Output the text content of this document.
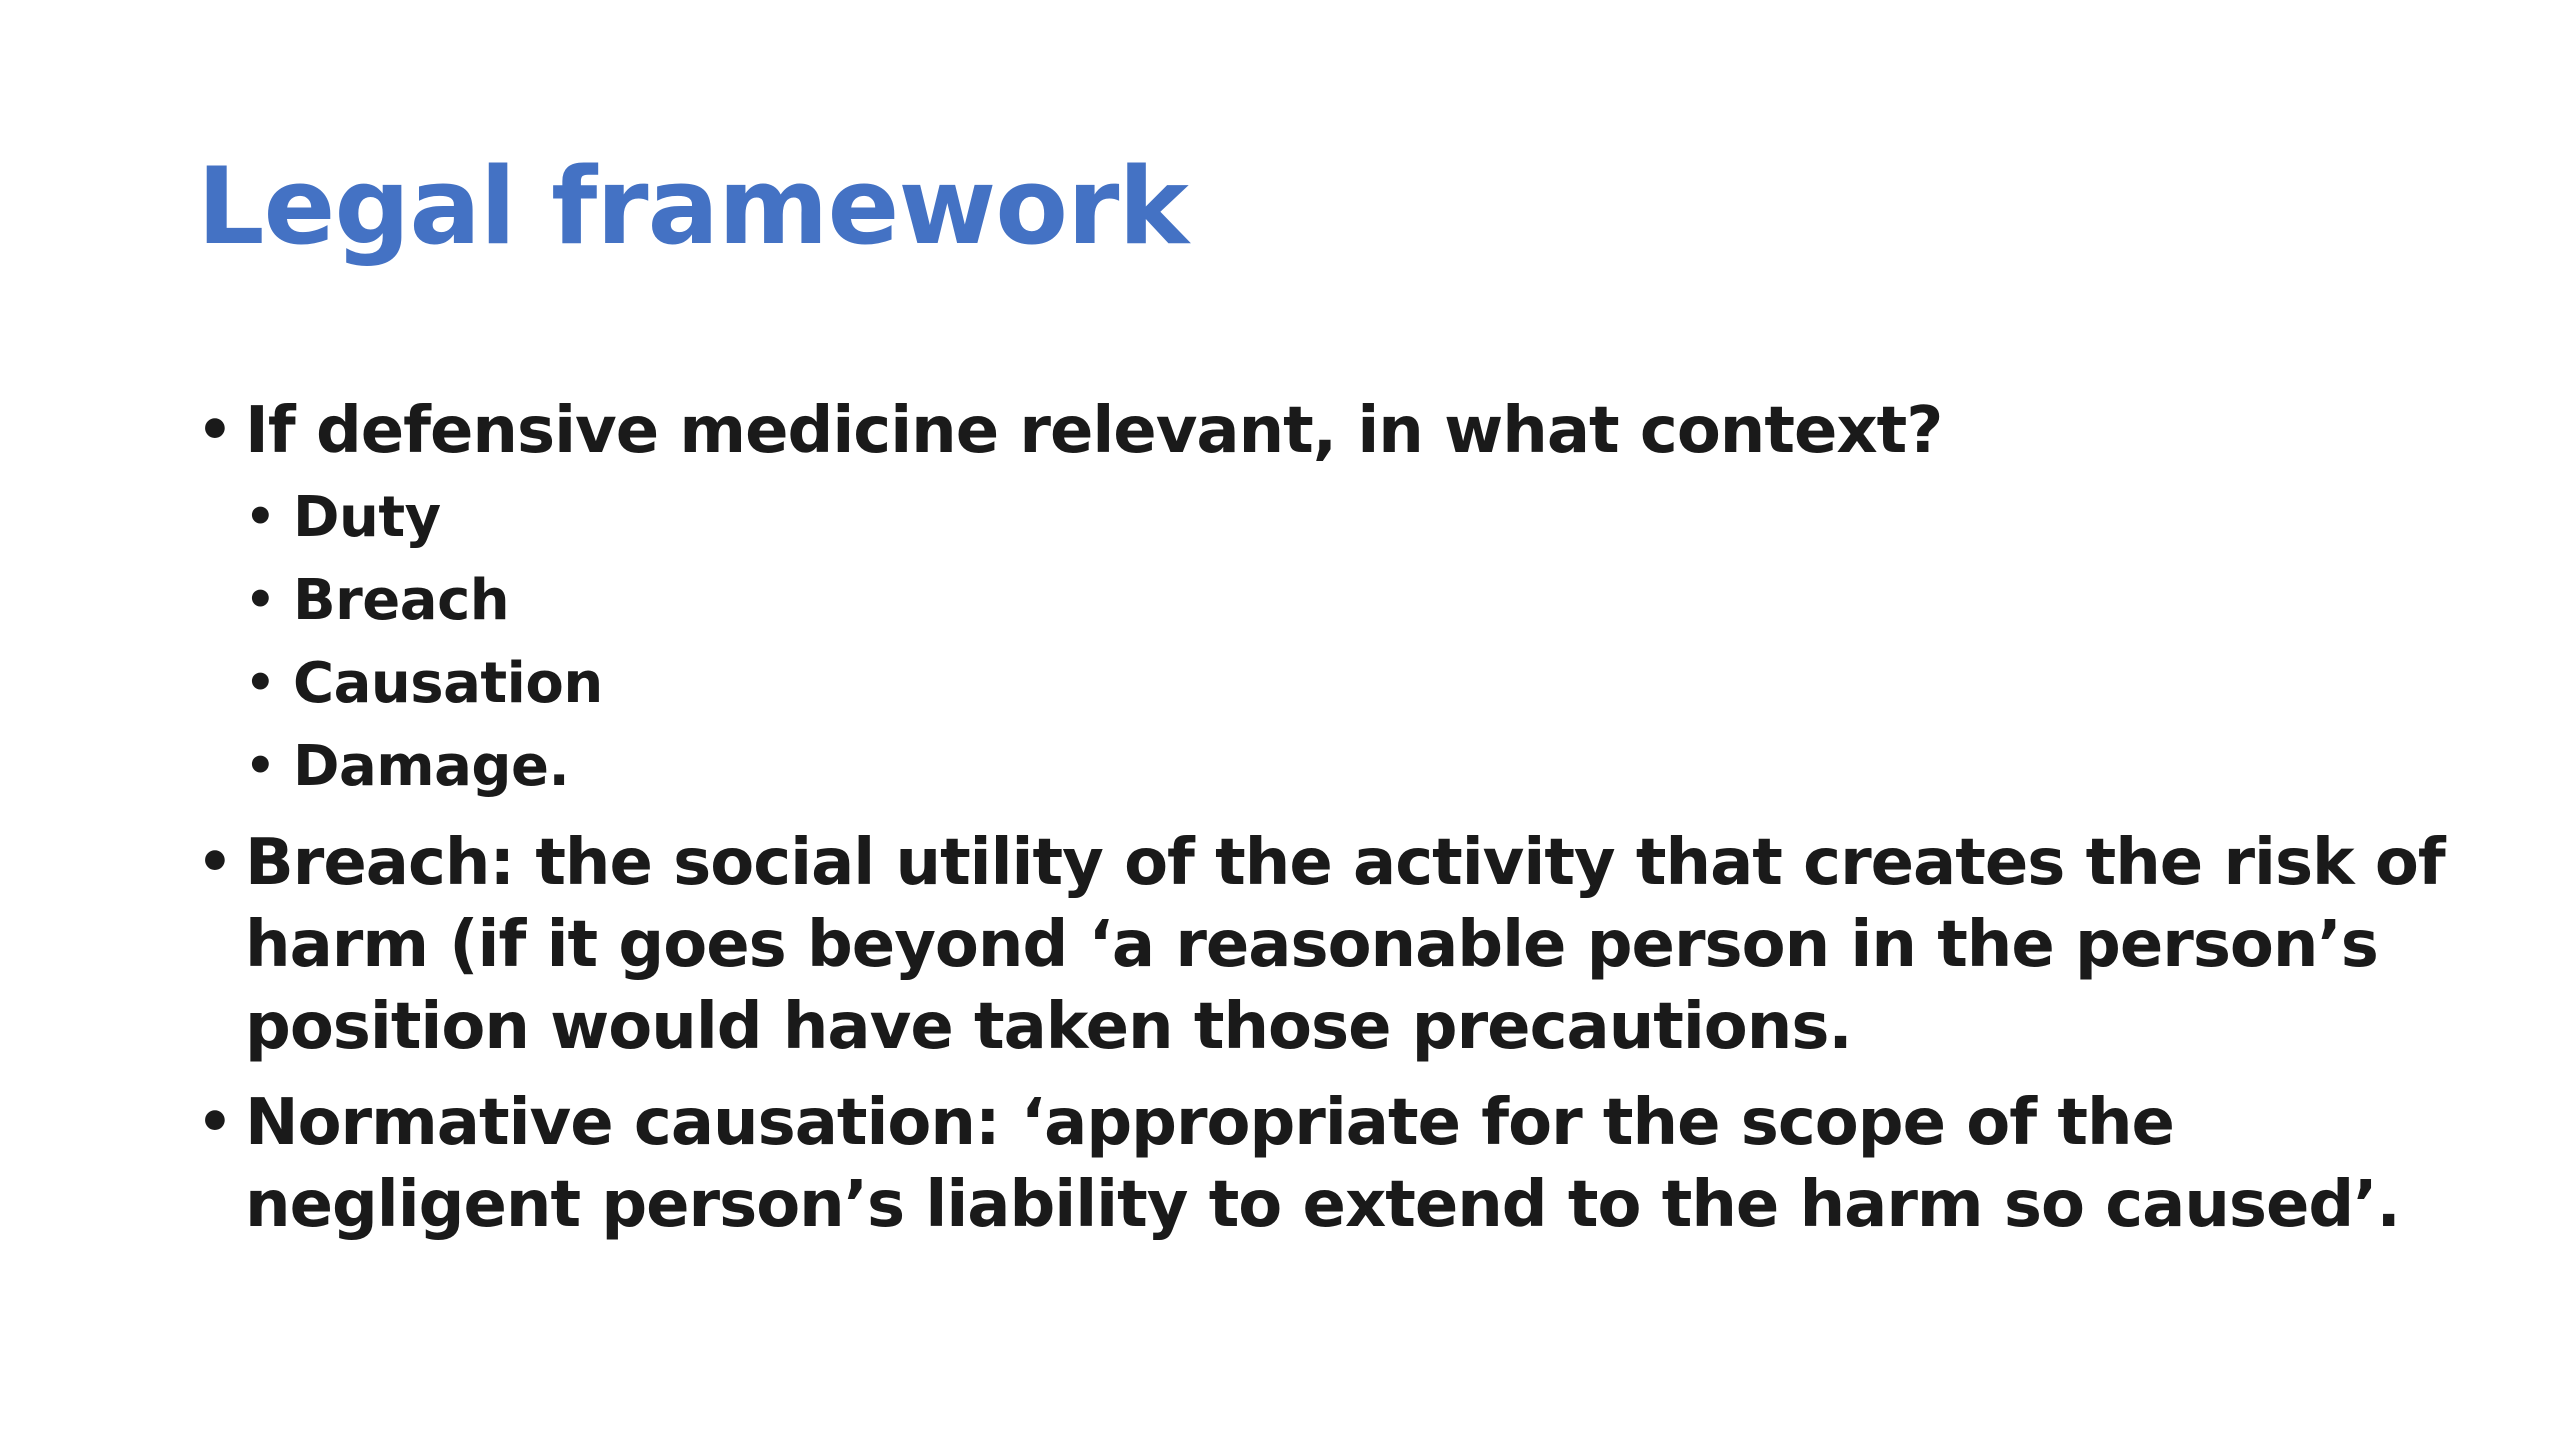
Legal framework
• If defensive medicine relevant, in what context?
• Duty
• Breach
• Causation
• Damage.
• Breach: the social utility of the activity that creates the risk of harm (if it goes beyond ‘a reasonable person in the person’s position would have taken those precautions.
• Normative causation: ‘appropriate for the scope of the negligent person’s liability to extend to the harm so caused’.
